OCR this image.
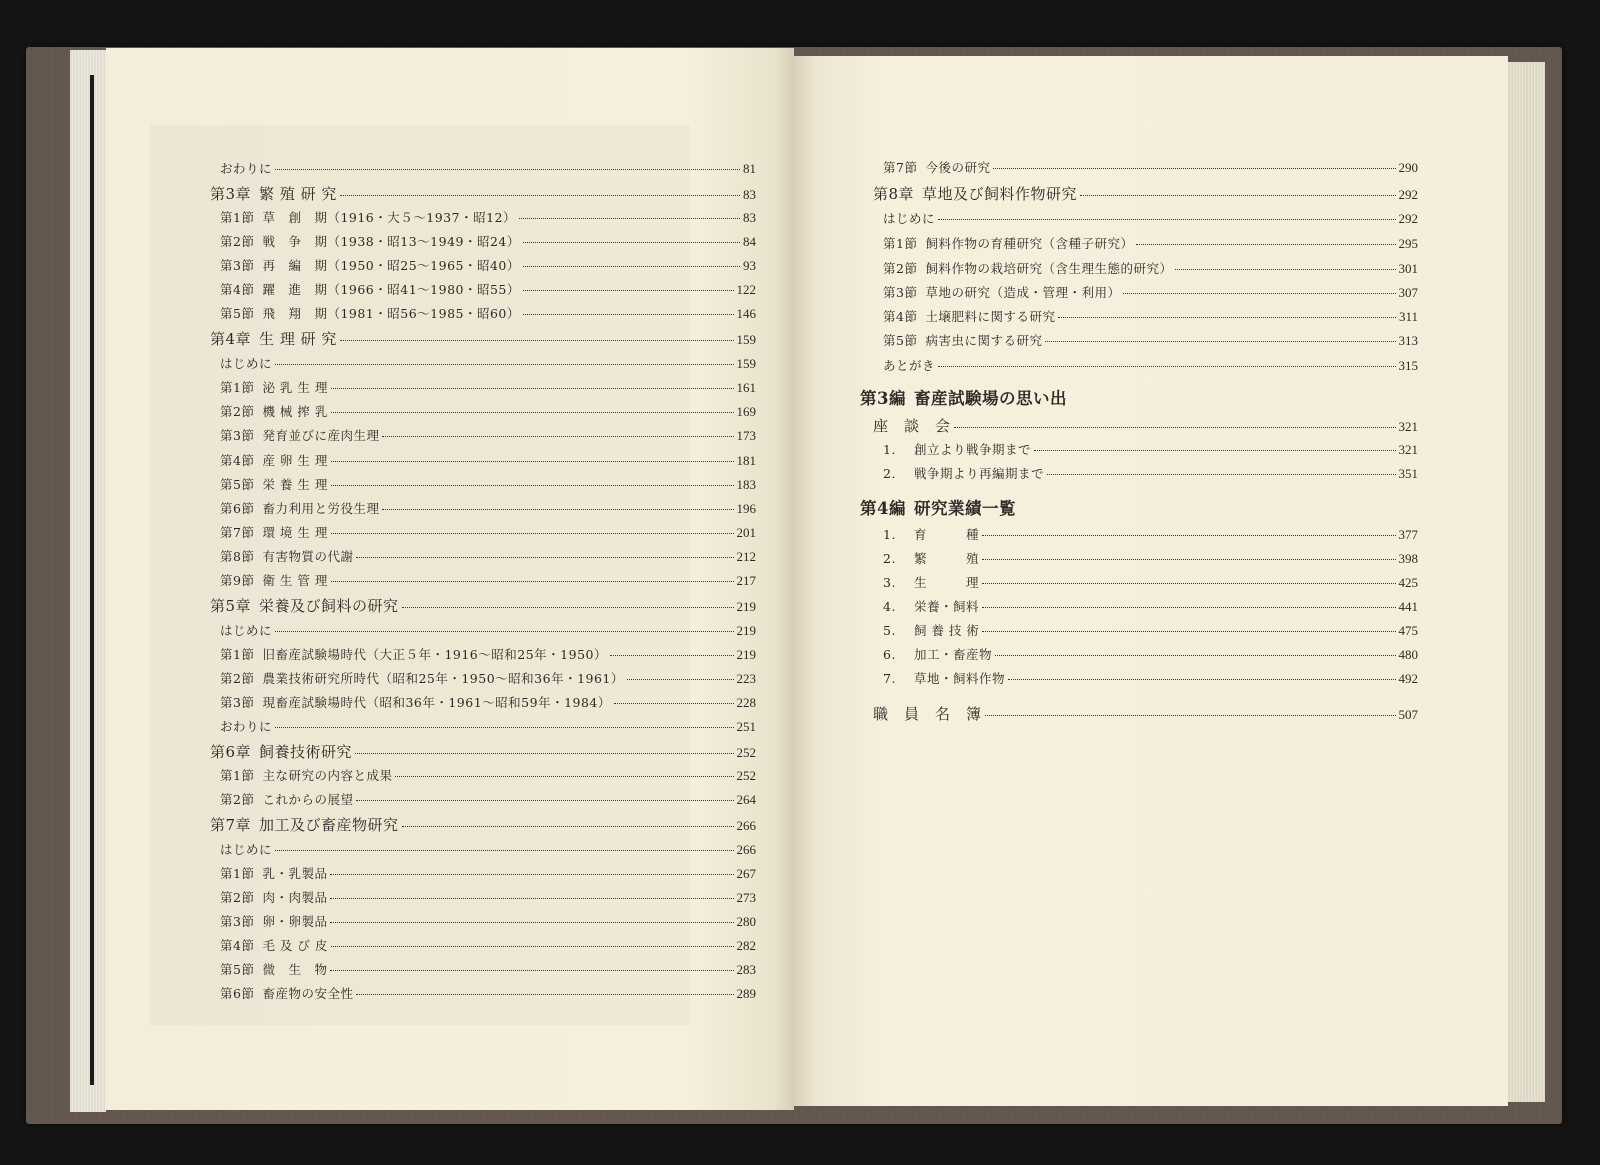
おわりに	81
第3章 繁 殖 研 究	83
第1節 草　創　期（1916・大５～1937・昭12）	83
第2節 戦　争　期（1938・昭13～1949・昭24）	84
第3節 再　編　期（1950・昭25～1965・昭40）	93
第4節 躍　進　期（1966・昭41～1980・昭55）	122
第5節 飛　翔　期（1981・昭56～1985・昭60）	146
第4章 生 理 研 究	159
はじめに	159
第1節 泌 乳 生 理	161
第2節 機 械 搾 乳	169
第3節 発育並びに産肉生理	173
第4節 産 卵 生 理	181
第5節 栄 養 生 理	183
第6節 畜力利用と労役生理	196
第7節 環 境 生 理	201
第8節 有害物質の代謝	212
第9節 衛 生 管 理	217
第5章 栄養及び飼料の研究	219
はじめに	219
第1節 旧畜産試験場時代（大正５年・1916～昭和25年・1950）	219
第2節 農業技術研究所時代（昭和25年・1950～昭和36年・1961）	223
第3節 現畜産試験場時代（昭和36年・1961～昭和59年・1984）	228
おわりに	251
第6章 飼養技術研究	252
第1節 主な研究の内容と成果	252
第2節 これからの展望	264
第7章 加工及び畜産物研究	266
はじめに	266
第1節 乳・乳製品	267
第2節 肉・肉製品	273
第3節 卵・卵製品	280
第4節 毛 及 び 皮	282
第5節 微　生　物	283
第6節 畜産物の安全性	289
第7節 今後の研究	290
第8章 草地及び飼料作物研究	292
はじめに	292
第1節 飼料作物の育種研究（含種子研究）	295
第2節 飼料作物の栽培研究（含生理生態的研究）	301
第3節 草地の研究（造成・管理・利用）	307
第4節 土壌肥料に関する研究	311
第5節 病害虫に関する研究	313
あとがき	315
第3編 畜産試験場の思い出
座　談　会	321
1. 創立より戦争期まで	321
2. 戦争期より再編期まで	351
第4編 研究業績一覧
1. 育　　　種	377
2. 繁　　　殖	398
3. 生　　　理	425
4. 栄養・飼料	441
5. 飼 養 技 術	475
6. 加工・畜産物	480
7. 草地・飼料作物	492
職　員　名　簿	507
